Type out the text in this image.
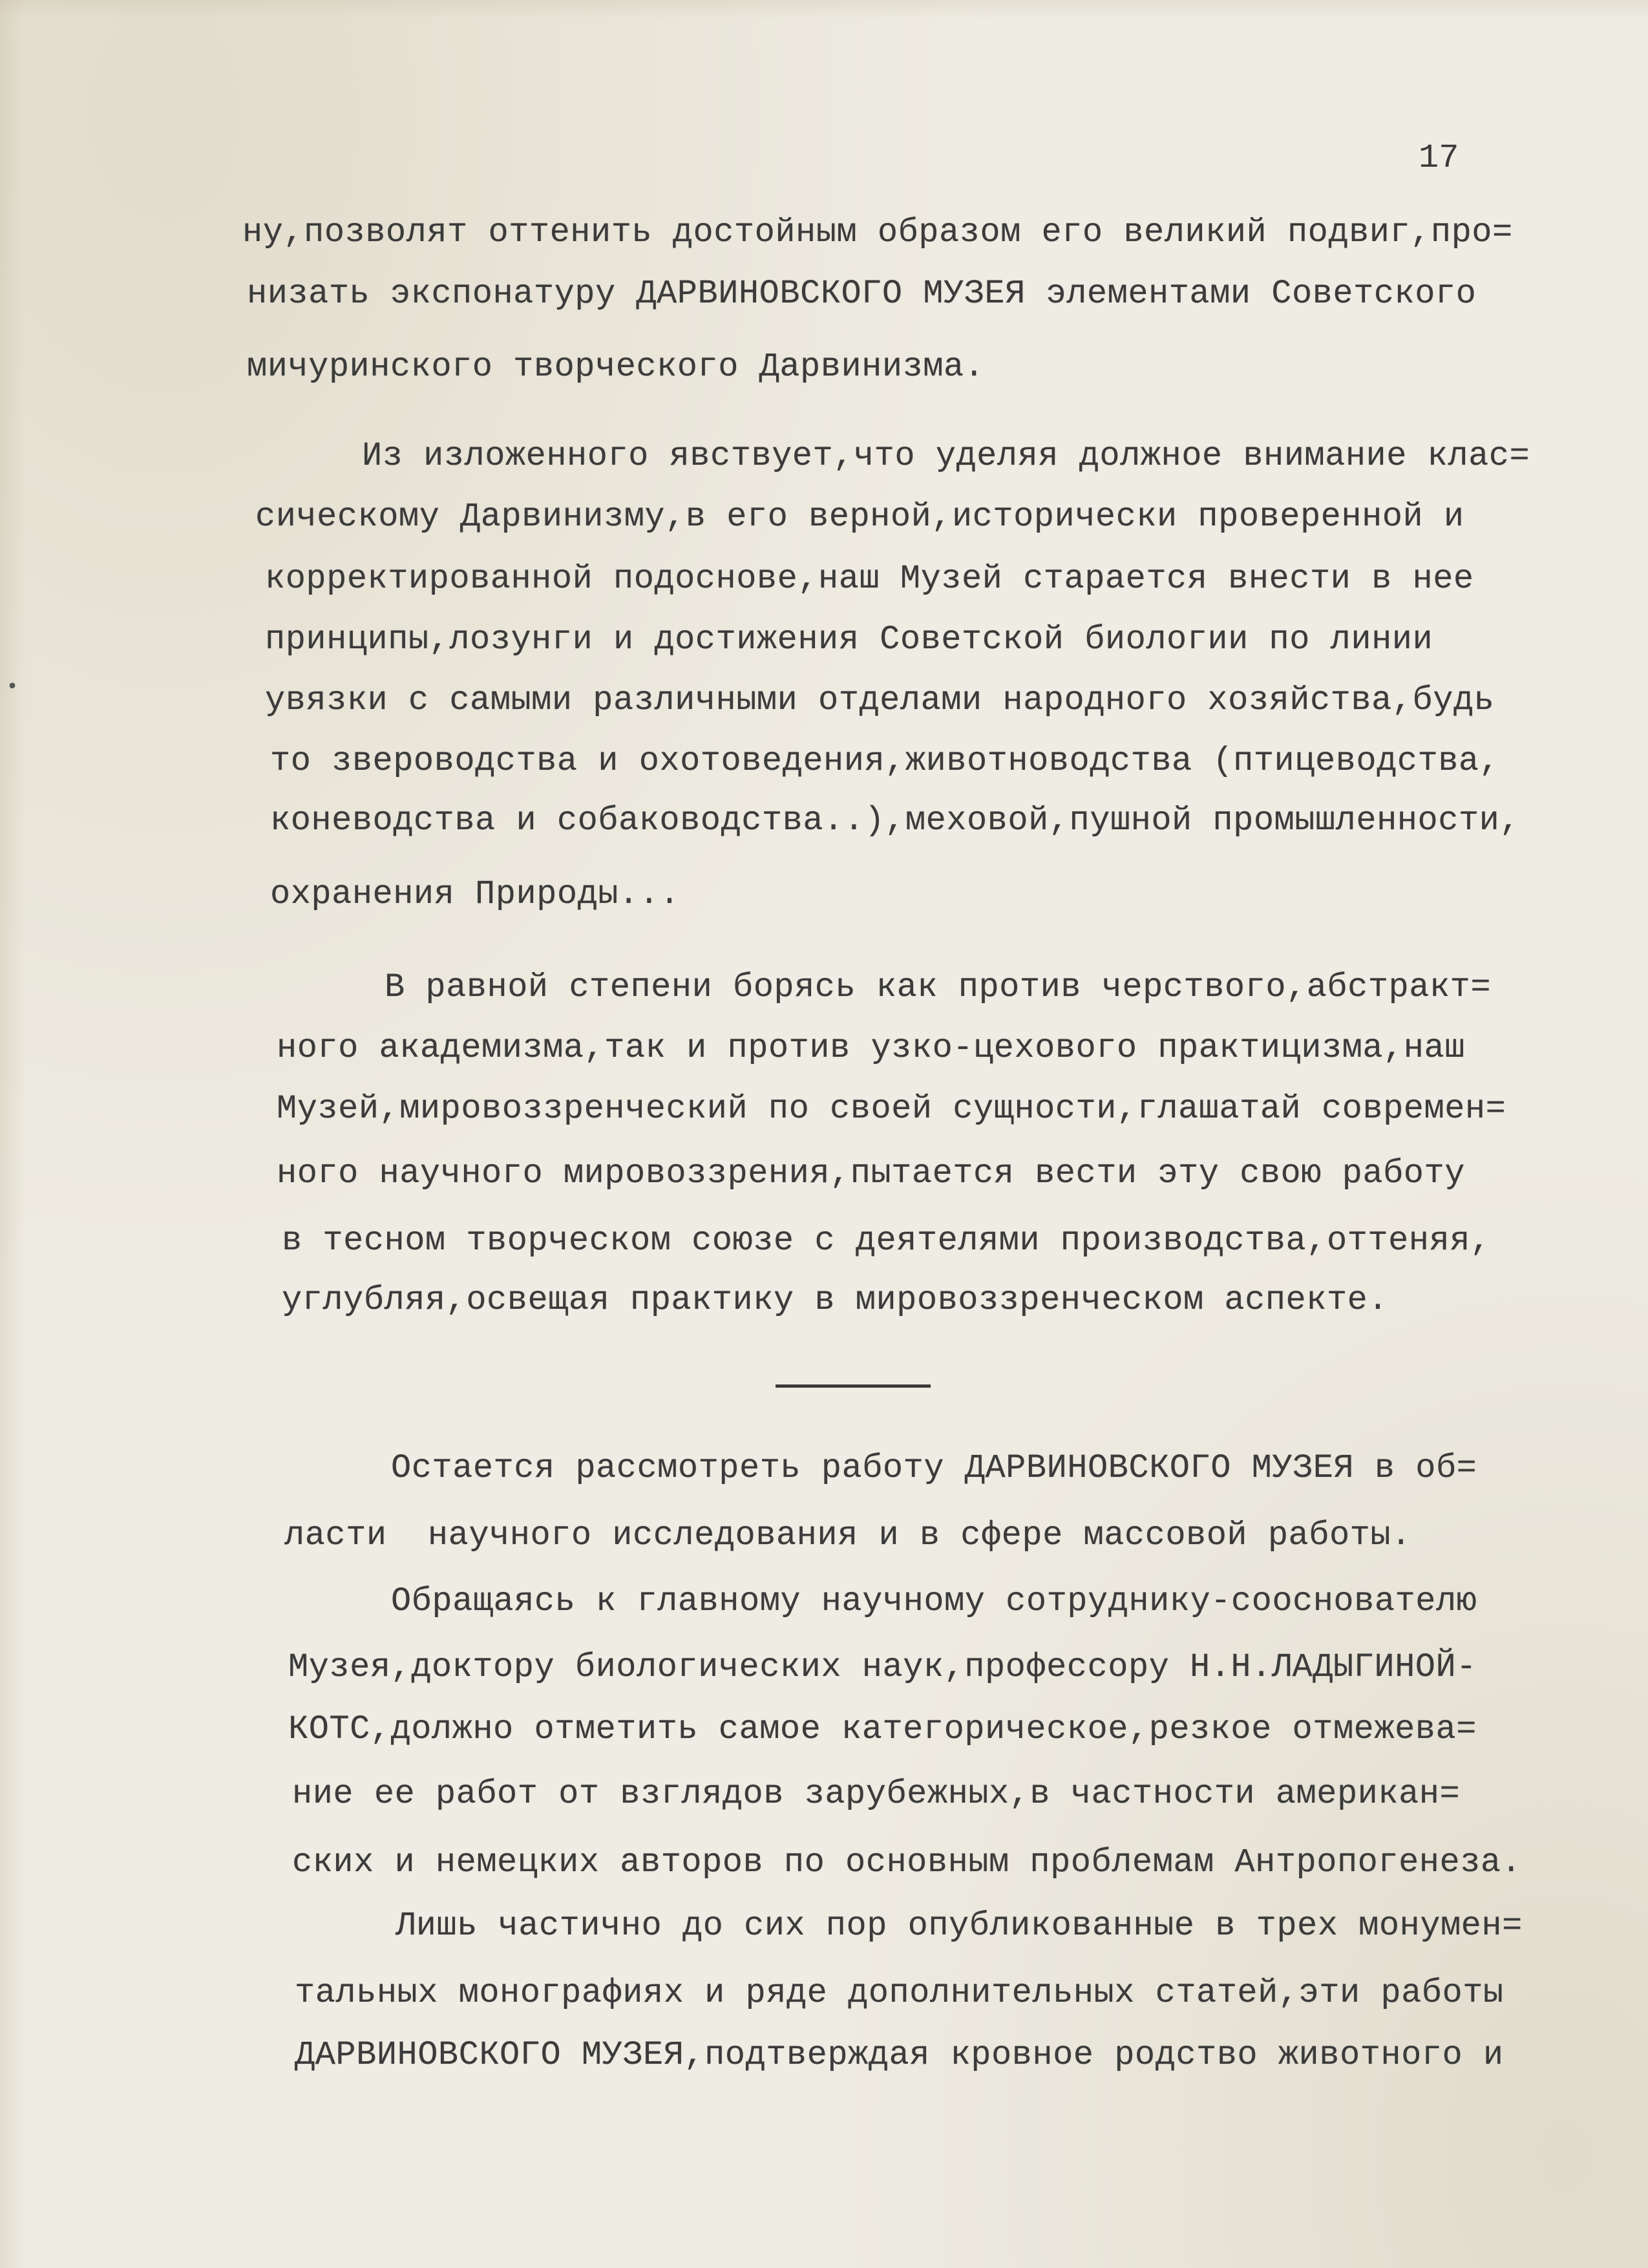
•
17
ну,позволят оттенить достойным образом его великий подвиг,про=
низать экспонатуру ДАРВИНОВСКОГО МУЗЕЯ элементами Советского
мичуринского творческого Дарвинизма.
Из изложенного явствует,что уделяя должное внимание клас=
сическому Дарвинизму,в его верной,исторически проверенной и
корректированной подоснове,наш Музей старается внести в нее
принципы,лозунги и достижения Советской биологии по линии
увязки с самыми различными отделами народного хозяйства,будь
то звероводства и охотоведения,животноводства (птицеводства,
коневодства и собаководства..),меховой,пушной промышленности,
охранения Природы...
В равной степени борясь как против черствого,абстракт=
ного академизма,так и против узко-цехового практицизма,наш
Музей,мировоззренческий по своей сущности,глашатай современ=
ного научного мировоззрения,пытается вести эту свою работу
в тесном творческом союзе с деятелями производства,оттеняя,
углубляя,освещая практику в мировоззренческом аспекте.
Остается рассмотреть работу ДАРВИНОВСКОГО МУЗЕЯ в об=
ласти  научного исследования и в сфере массовой работы.
Обращаясь к главному научному сотруднику-сооснователю
Музея,доктору биологических наук,профессору Н.Н.ЛАДЫГИНОЙ-
КОТС,должно отметить самое категорическое,резкое отмежева=
ние ее работ от взглядов зарубежных,в частности американ=
ских и немецких авторов по основным проблемам Антропогенеза.
Лишь частично до сих пор опубликованные в трех монумен=
тальных монографиях и ряде дополнительных статей,эти работы
ДАРВИНОВСКОГО МУЗЕЯ,подтверждая кровное родство животного и
